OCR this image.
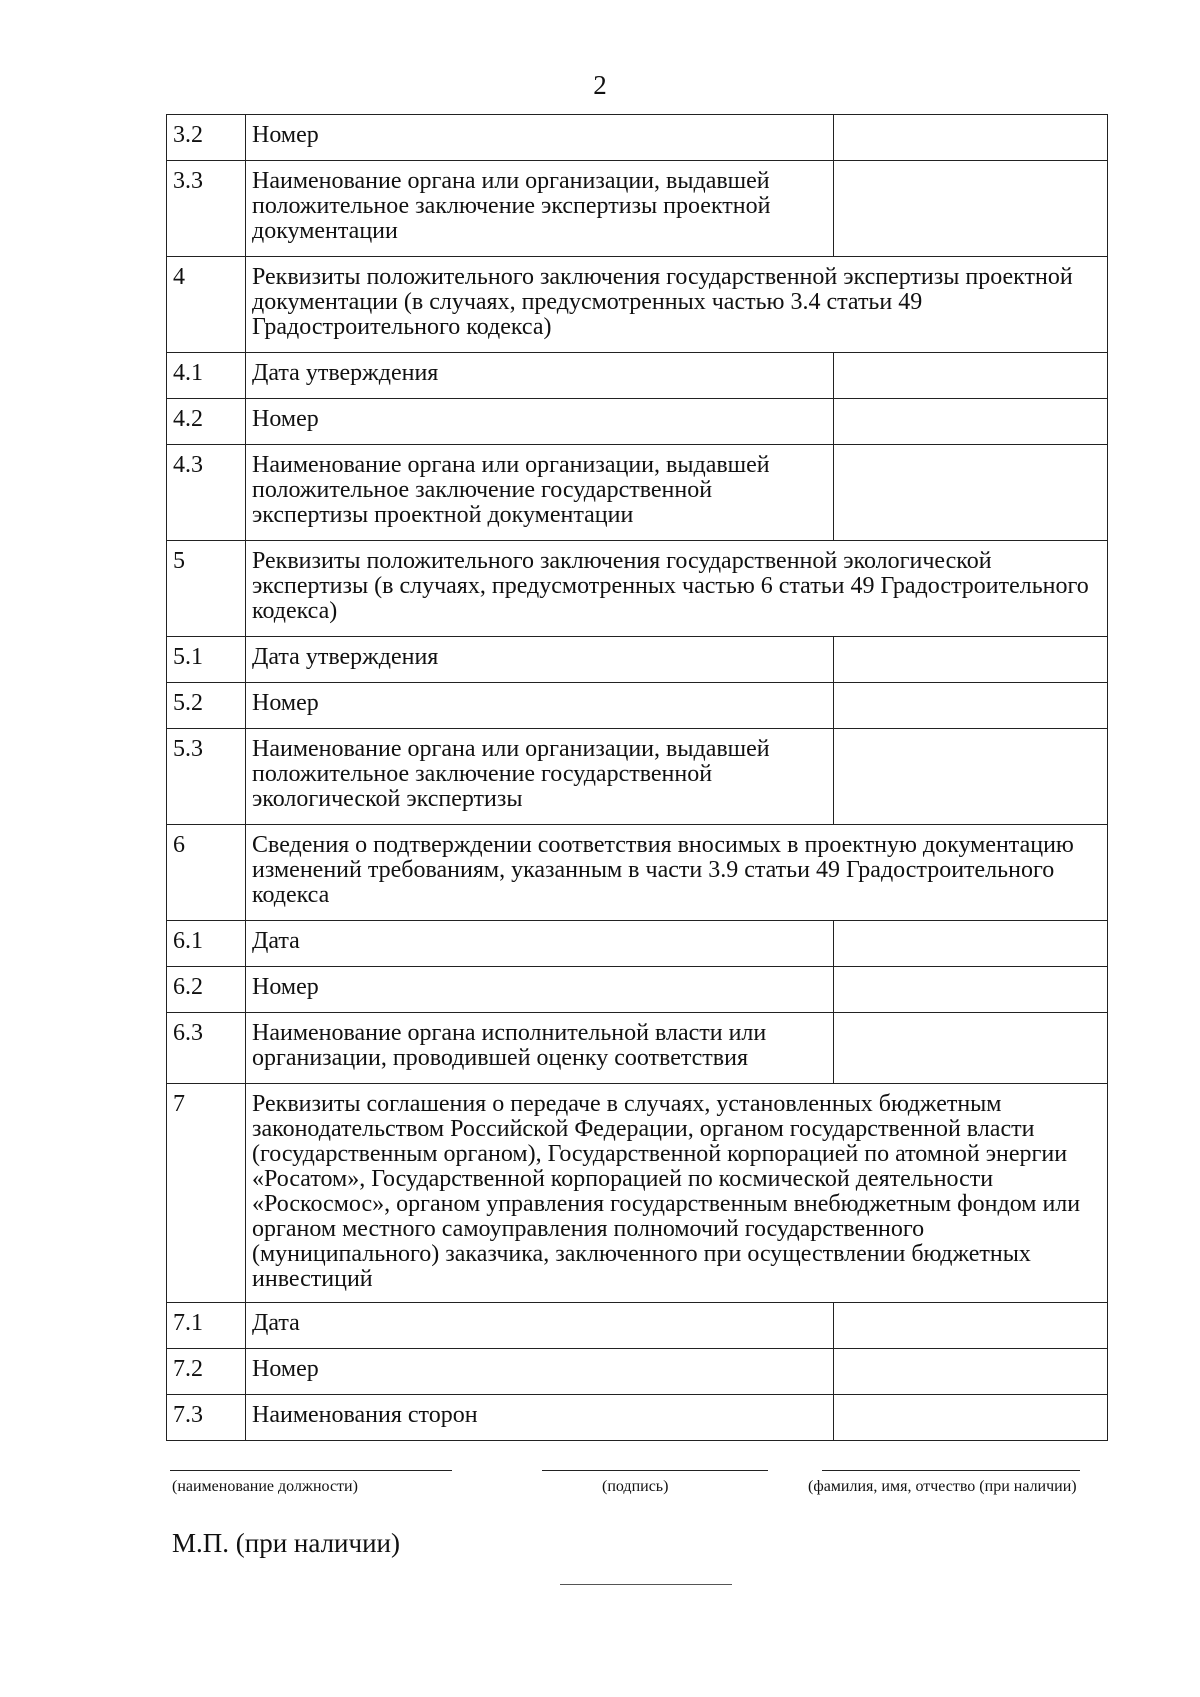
2
3.2	Номер	
3.3	Наименование органа или организации, выдавшей положительное заключение экспертизы проектной документации	
4	Реквизиты положительного заключения государственной экспертизы проектной документации (в случаях, предусмотренных частью 3.4 статьи 49 Градостроительного кодекса)	
4.1	Дата утверждения	
4.2	Номер	
4.3	Наименование органа или организации, выдавшей положительное заключение государственной экспертизы проектной документации	
5	Реквизиты положительного заключения государственной экологической экспертизы (в случаях, предусмотренных частью 6 статьи 49 Градостроительного кодекса)	
5.1	Дата утверждения	
5.2	Номер	
5.3	Наименование органа или организации, выдавшей положительное заключение государственной экологической экспертизы	
6	Сведения о подтверждении соответствия вносимых в проектную документацию изменений требованиям, указанным в части 3.9 статьи 49 Градостроительного кодекса	
6.1	Дата	
6.2	Номер	
6.3	Наименование органа исполнительной власти или организации, проводившей оценку соответствия	
7	Реквизиты соглашения о передаче в случаях, установленных бюджетным законодательством Российской Федерации, органом государственной власти (государственным органом), Государственной корпорацией по атомной энергии «Росатом», Государственной корпорацией по космической деятельности «Роскосмос», органом управления государственным внебюджетным фондом или органом местного самоуправления полномочий государственного (муниципального) заказчика, заключенного при осуществлении бюджетных инвестиций	
7.1	Дата	
7.2	Номер	
7.3	Наименования сторон	
(наименование должности)	(подпись)	(фамилия, имя, отчество (при наличии)
М.П. (при наличии)
